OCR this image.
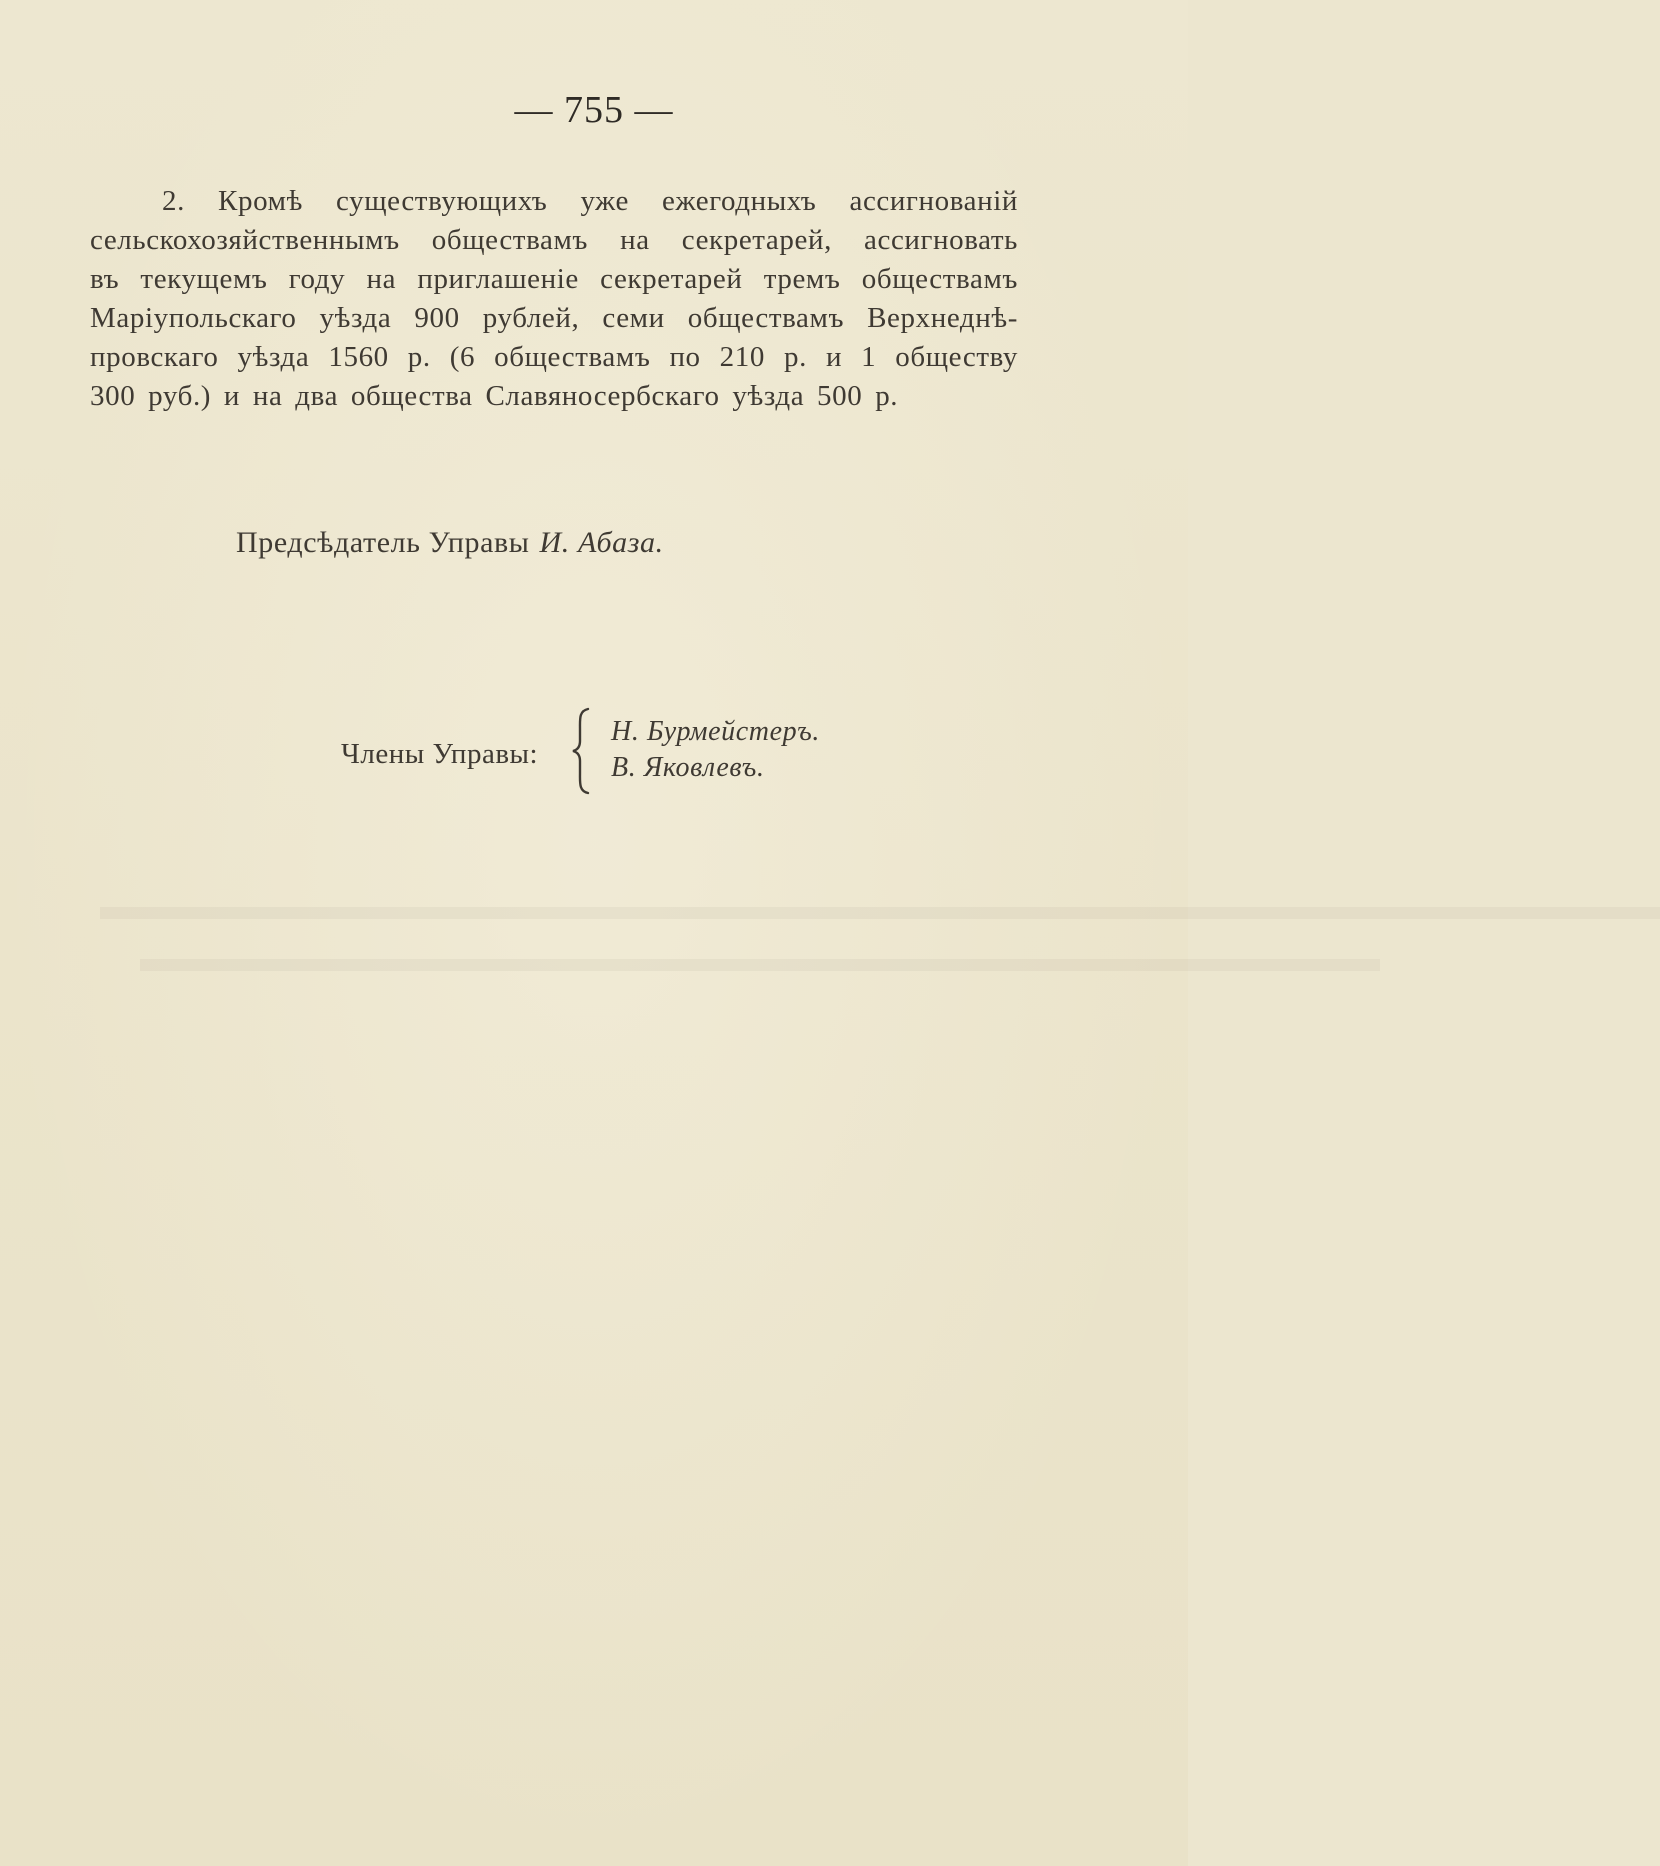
▬▬▬▬▬▬▬▬▬▬▬▬▬▬▬▬▬▬▬▬▬▬▬▬▬▬▬▬▬▬▬▬▬▬▬▬▬▬▬
▬▬▬▬▬▬▬▬▬▬▬▬▬▬▬▬▬▬▬▬▬▬▬▬▬▬▬▬▬▬▬
— 755 —
2. Кромѣ существующихъ уже ежегодныхъ ассигнованій
сельскохозяйственнымъ обществамъ на секретарей, ассигновать
въ текущемъ году на приглашеніе секретарей тремъ обществамъ
Маріупольскаго уѣзда 900 рублей, семи обществамъ Верхнеднѣ-
провскаго уѣзда 1560 р. (6 обществамъ по 210 р. и 1 обществу
300 руб.) и на два общества Славяносербскаго уѣзда 500 р.
Предсѣдатель Управы И. Абаза.
Члены Управы:
Н. Бурмейстеръ.
В. Яковлевъ.
